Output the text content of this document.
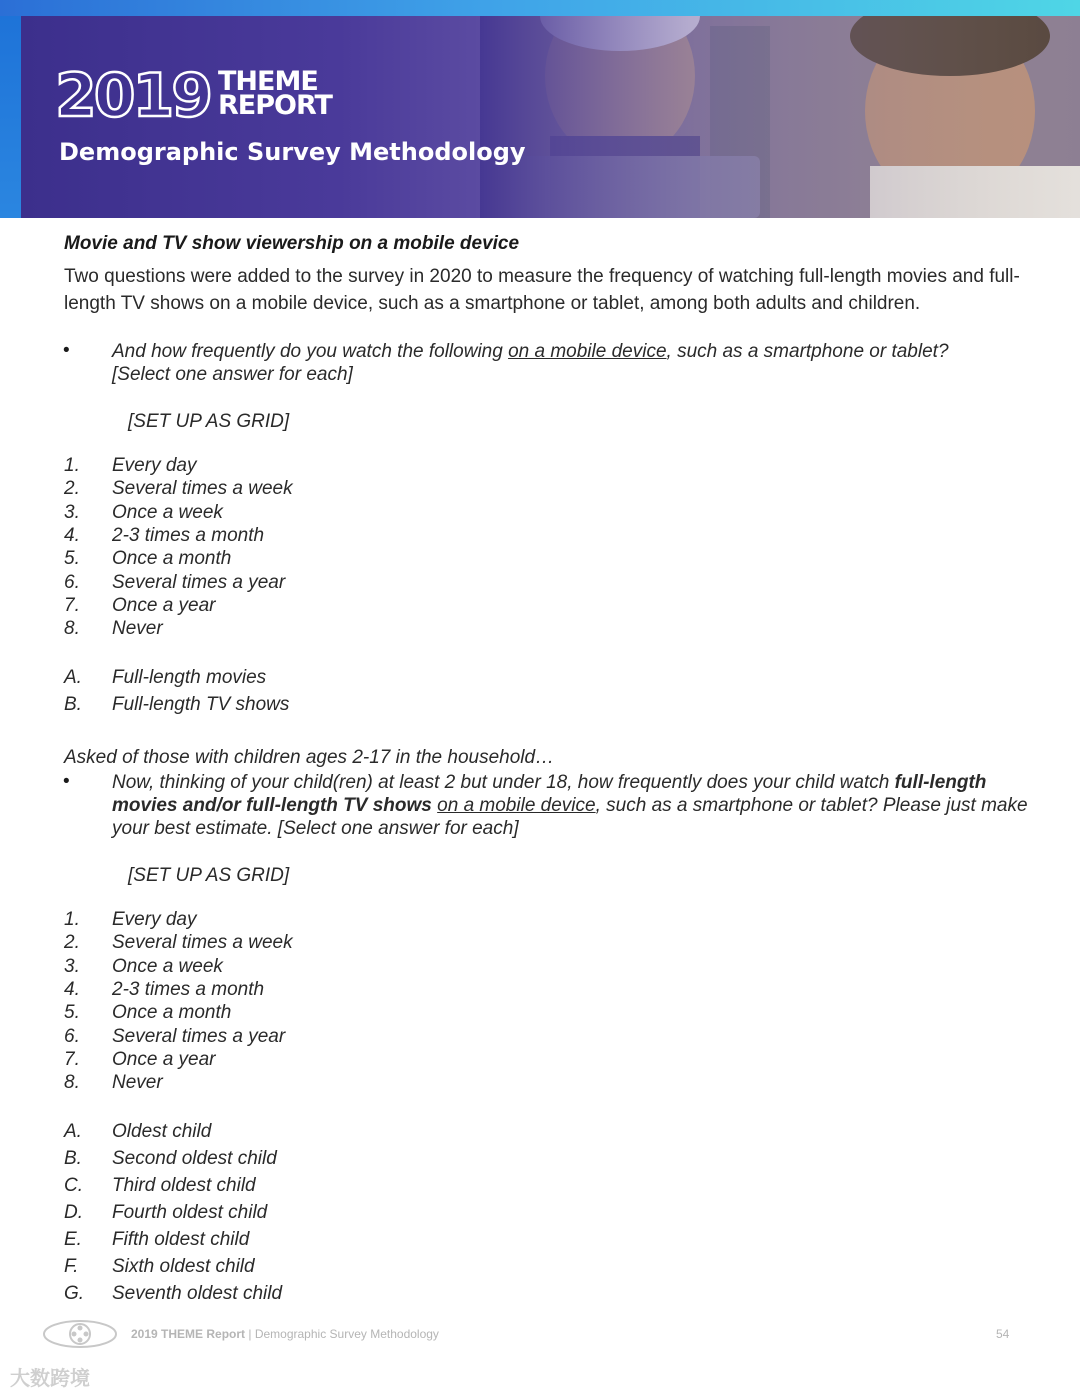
2019 THEME
REPORT
Demographic Survey Methodology
Movie and TV show viewership on a mobile device
Two questions were added to the survey in 2020 to measure the frequency of watching full-length movies and full-length TV shows on a mobile device, such as a smartphone or tablet, among both adults and children.
• And how frequently do you watch the following on a mobile device, such as a smartphone or tablet?
[Select one answer for each]
[SET UP AS GRID]
1. Every day
2. Several times a week
3. Once a week
4. 2-3 times a month
5. Once a month
6. Several times a year
7. Once a year
8. Never
A. Full-length movies
B. Full-length TV shows
Asked of those with children ages 2-17 in the household…
• Now, thinking of your child(ren) at least 2 but under 18, how frequently does your child watch full-length movies and/or full-length TV shows on a mobile device, such as a smartphone or tablet? Please just make your best estimate. [Select one answer for each]
[SET UP AS GRID]
1. Every day
2. Several times a week
3. Once a week
4. 2-3 times a month
5. Once a month
6. Several times a year
7. Once a year
8. Never
A. Oldest child
B. Second oldest child
C. Third oldest child
D. Fourth oldest child
E. Fifth oldest child
F. Sixth oldest child
G. Seventh oldest child
2019 THEME Report | Demographic Survey Methodology	54
大数跨境
